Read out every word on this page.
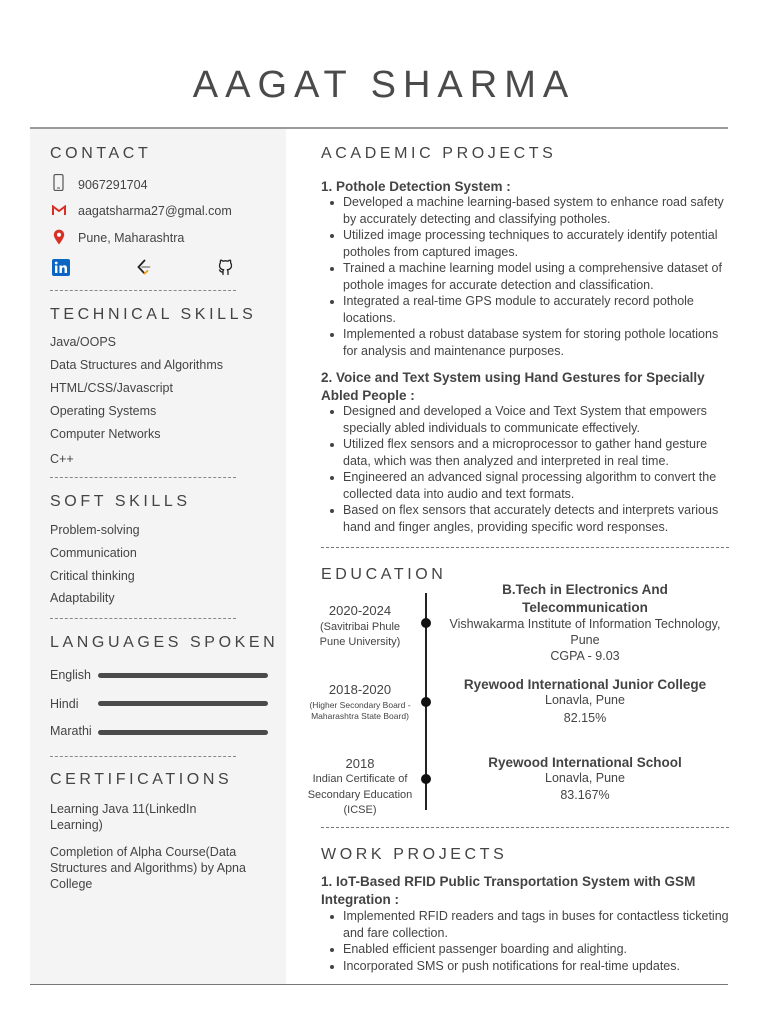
AAGAT SHARMA
CONTACT
9067291704
aagatsharma27@gmal.com
Pune, Maharashtra
TECHNICAL SKILLS
Java/OOPS
Data Structures and Algorithms
HTML/CSS/Javascript
Operating Systems
Computer Networks
C++
SOFT SKILLS
Problem-solving
Communication
Critical thinking
Adaptability
LANGUAGES SPOKEN
English
Hindi
Marathi
CERTIFICATIONS
Learning Java 11(LinkedIn Learning)
Completion of Alpha Course(Data Structures and Algorithms) by Apna College
ACADEMIC PROJECTS
1. Pothole Detection System :
Developed a machine learning-based system to enhance road safety by accurately detecting and classifying potholes.
Utilized image processing techniques to accurately identify potential potholes from captured images.
Trained a machine learning model using a comprehensive dataset of pothole images for accurate detection and classification.
Integrated a real-time GPS module to accurately record pothole locations.
Implemented a robust database system for storing pothole locations for analysis and maintenance purposes.
2. Voice and Text System using Hand Gestures for Specially Abled People :
Designed and developed a Voice and Text System that empowers specially abled individuals to communicate effectively.
Utilized flex sensors and a microprocessor to gather hand gesture data, which was then analyzed and interpreted in real time.
Engineered an advanced signal processing algorithm to convert the collected data into audio and text formats.
Based on flex sensors that accurately detects and interprets various hand and finger angles, providing specific word responses.
EDUCATION
2020-2024
(Savitribai Phule Pune University)
B.Tech in Electronics And Telecommunication
Vishwakarma Institute of Information Technology, Pune
CGPA - 9.03
2018-2020
(Higher Secondary Board - Maharashtra State Board)
Ryewood International Junior College
Lonavla, Pune
82.15%
2018
Indian Certificate of Secondary Education (ICSE)
Ryewood International School
Lonavla, Pune
83.167%
WORK PROJECTS
1. IoT-Based RFID Public Transportation System with GSM Integration :
Implemented RFID readers and tags in buses for contactless ticketing and fare collection.
Enabled efficient passenger boarding and alighting.
Incorporated SMS or push notifications for real-time updates.
